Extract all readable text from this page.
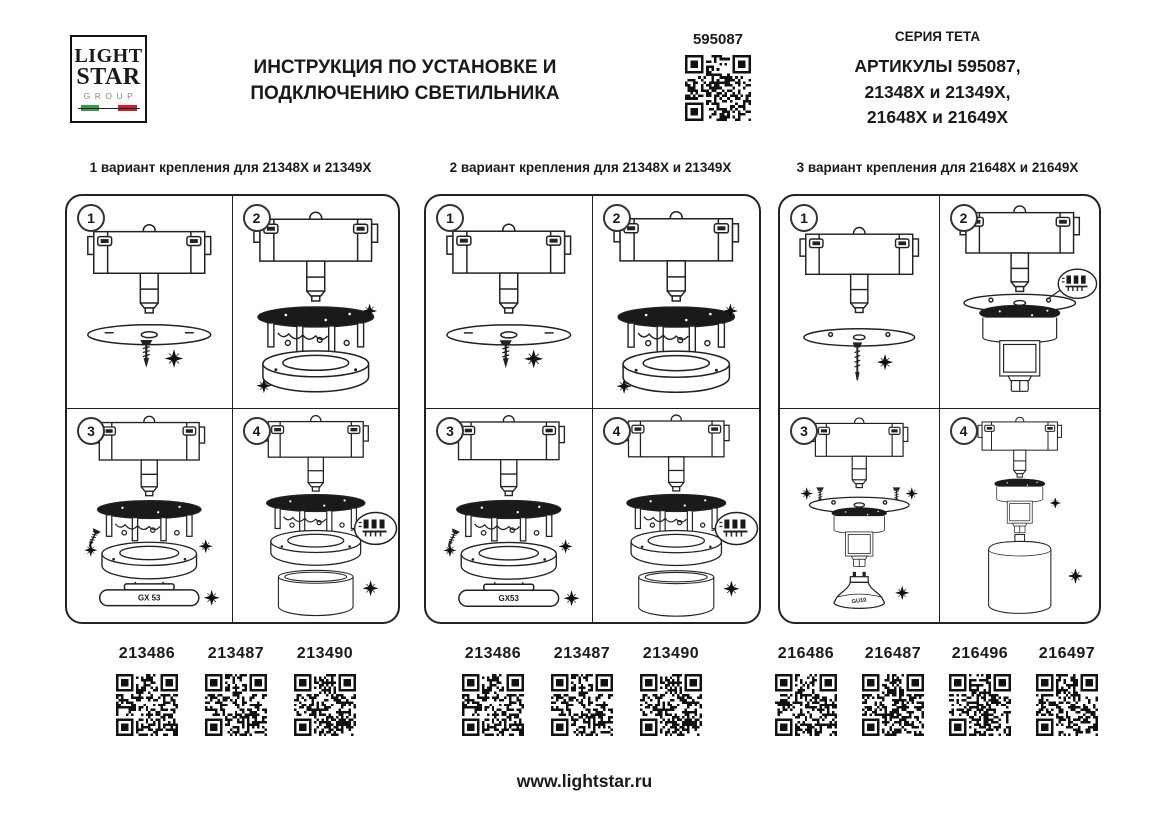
LIGHT
STAR
GROUP
ИНСТРУКЦИЯ ПО УСТАНОВКЕ И
ПОДКЛЮЧЕНИЮ СВЕТИЛЬНИКА
595087	СЕРИЯ ТЕТА
АРТИКУЛЫ 595087,
21348X и 21349X,
21648X и 21649X
1 вариант крепления для 21348X и 21349X	2 вариант крепления для 21348X и 21349X	3 вариант крепления для 21648X и 21649X
1	2
3
GX 53
4
1	2
3
GX53
4
1	2
3
GU10
4
213486 213487 213490	213486 213487 213490	216486 216487 216496 216497
www.lightstar.ru
